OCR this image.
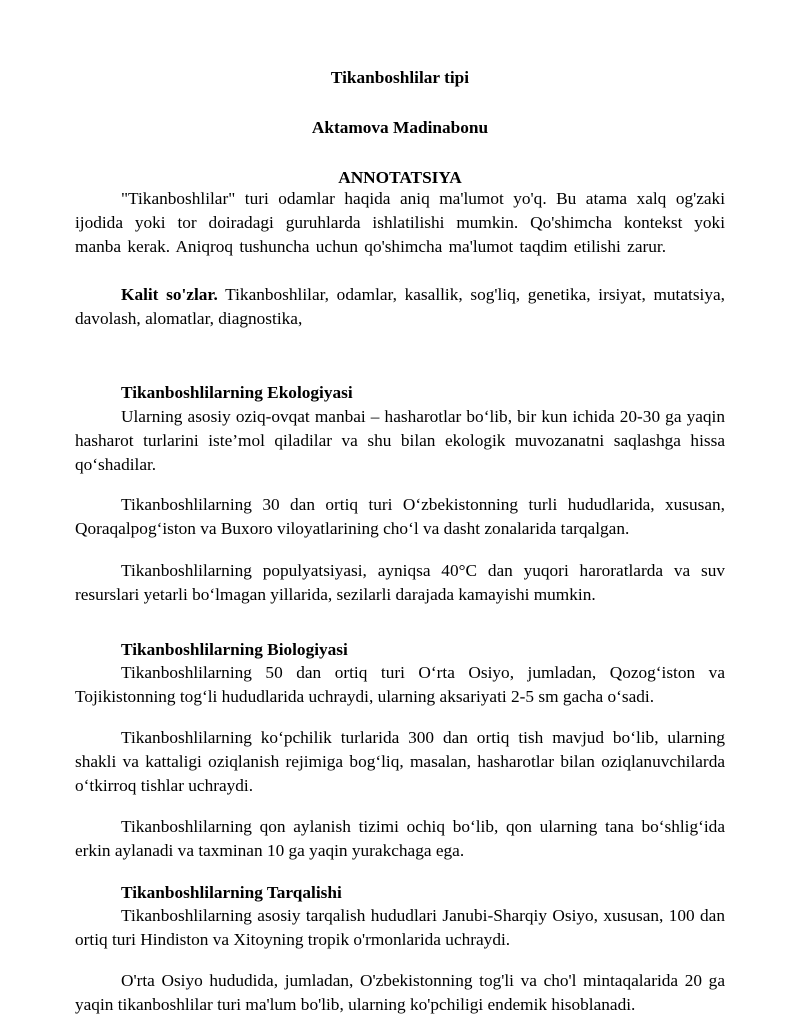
Tikanboshlilar tipi

Aktamova Madinabonu

ANNOTATSIYA

"Tikanboshlilar" turi odamlar haqida aniq ma'lumot yo'q. Bu atama xalq og'zaki ijodida yoki tor doiradagi guruhlarda ishlatilishi mumkin. Qo'shimcha kontekst yoki manba kerak. Aniqroq tushuncha uchun qo'shimcha ma'lumot taqdim etilishi zarur.

Kalit so'zlar. Tikanboshlilar, odamlar, kasallik, sog'liq, genetika, irsiyat, mutatsiya, davolash, alomatlar, diagnostika,

Tikanboshlilarning Ekologiyasi

Ularning asosiy oziq-ovqat manbai – hasharotlar bo‘lib, bir kun ichida 20-30 ga yaqin hasharot turlarini iste’mol qiladilar va shu bilan ekologik muvozanatni saqlashga hissa qo‘shadilar.

Tikanboshlilarning 30 dan ortiq turi O‘zbekistonning turli hududlarida, xususan, Qoraqalpog‘iston va Buxoro viloyatlarining cho‘l va dasht zonalarida tarqalgan.

Tikanboshlilarning populyatsiyasi, ayniqsa 40°C dan yuqori haroratlarda va suv resurslari yetarli bo‘lmagan yillarida, sezilarli darajada kamayishi mumkin.

Tikanboshlilarning Biologiyasi

Tikanboshlilarning 50 dan ortiq turi O‘rta Osiyo, jumladan, Qozog‘iston va Tojikistonning tog‘li hududlarida uchraydi, ularning aksariyati 2-5 sm gacha o‘sadi.

Tikanboshlilarning ko‘pchilik turlarida 300 dan ortiq tish mavjud bo‘lib, ularning shakli va kattaligi oziqlanish rejimiga bog‘liq, masalan, hasharotlar bilan oziqlanuvchilarda o‘tkirroq tishlar uchraydi.

Tikanboshlilarning qon aylanish tizimi ochiq bo‘lib, qon ularning tana bo‘shlig‘ida erkin aylanadi va taxminan 10 ga yaqin yurakchaga ega.

Tikanboshlilarning Tarqalishi

Tikanboshlilarning asosiy tarqalish hududlari Janubi-Sharqiy Osiyo, xususan, 100 dan ortiq turi Hindiston va Xitoyning tropik o'rmonlarida uchraydi.

O'rta Osiyo hududida, jumladan, O'zbekistonning tog'li va cho'l mintaqalarida 20 ga yaqin tikanboshlilar turi ma'lum bo'lib, ularning ko'pchiligi endemik hisoblanadi.
